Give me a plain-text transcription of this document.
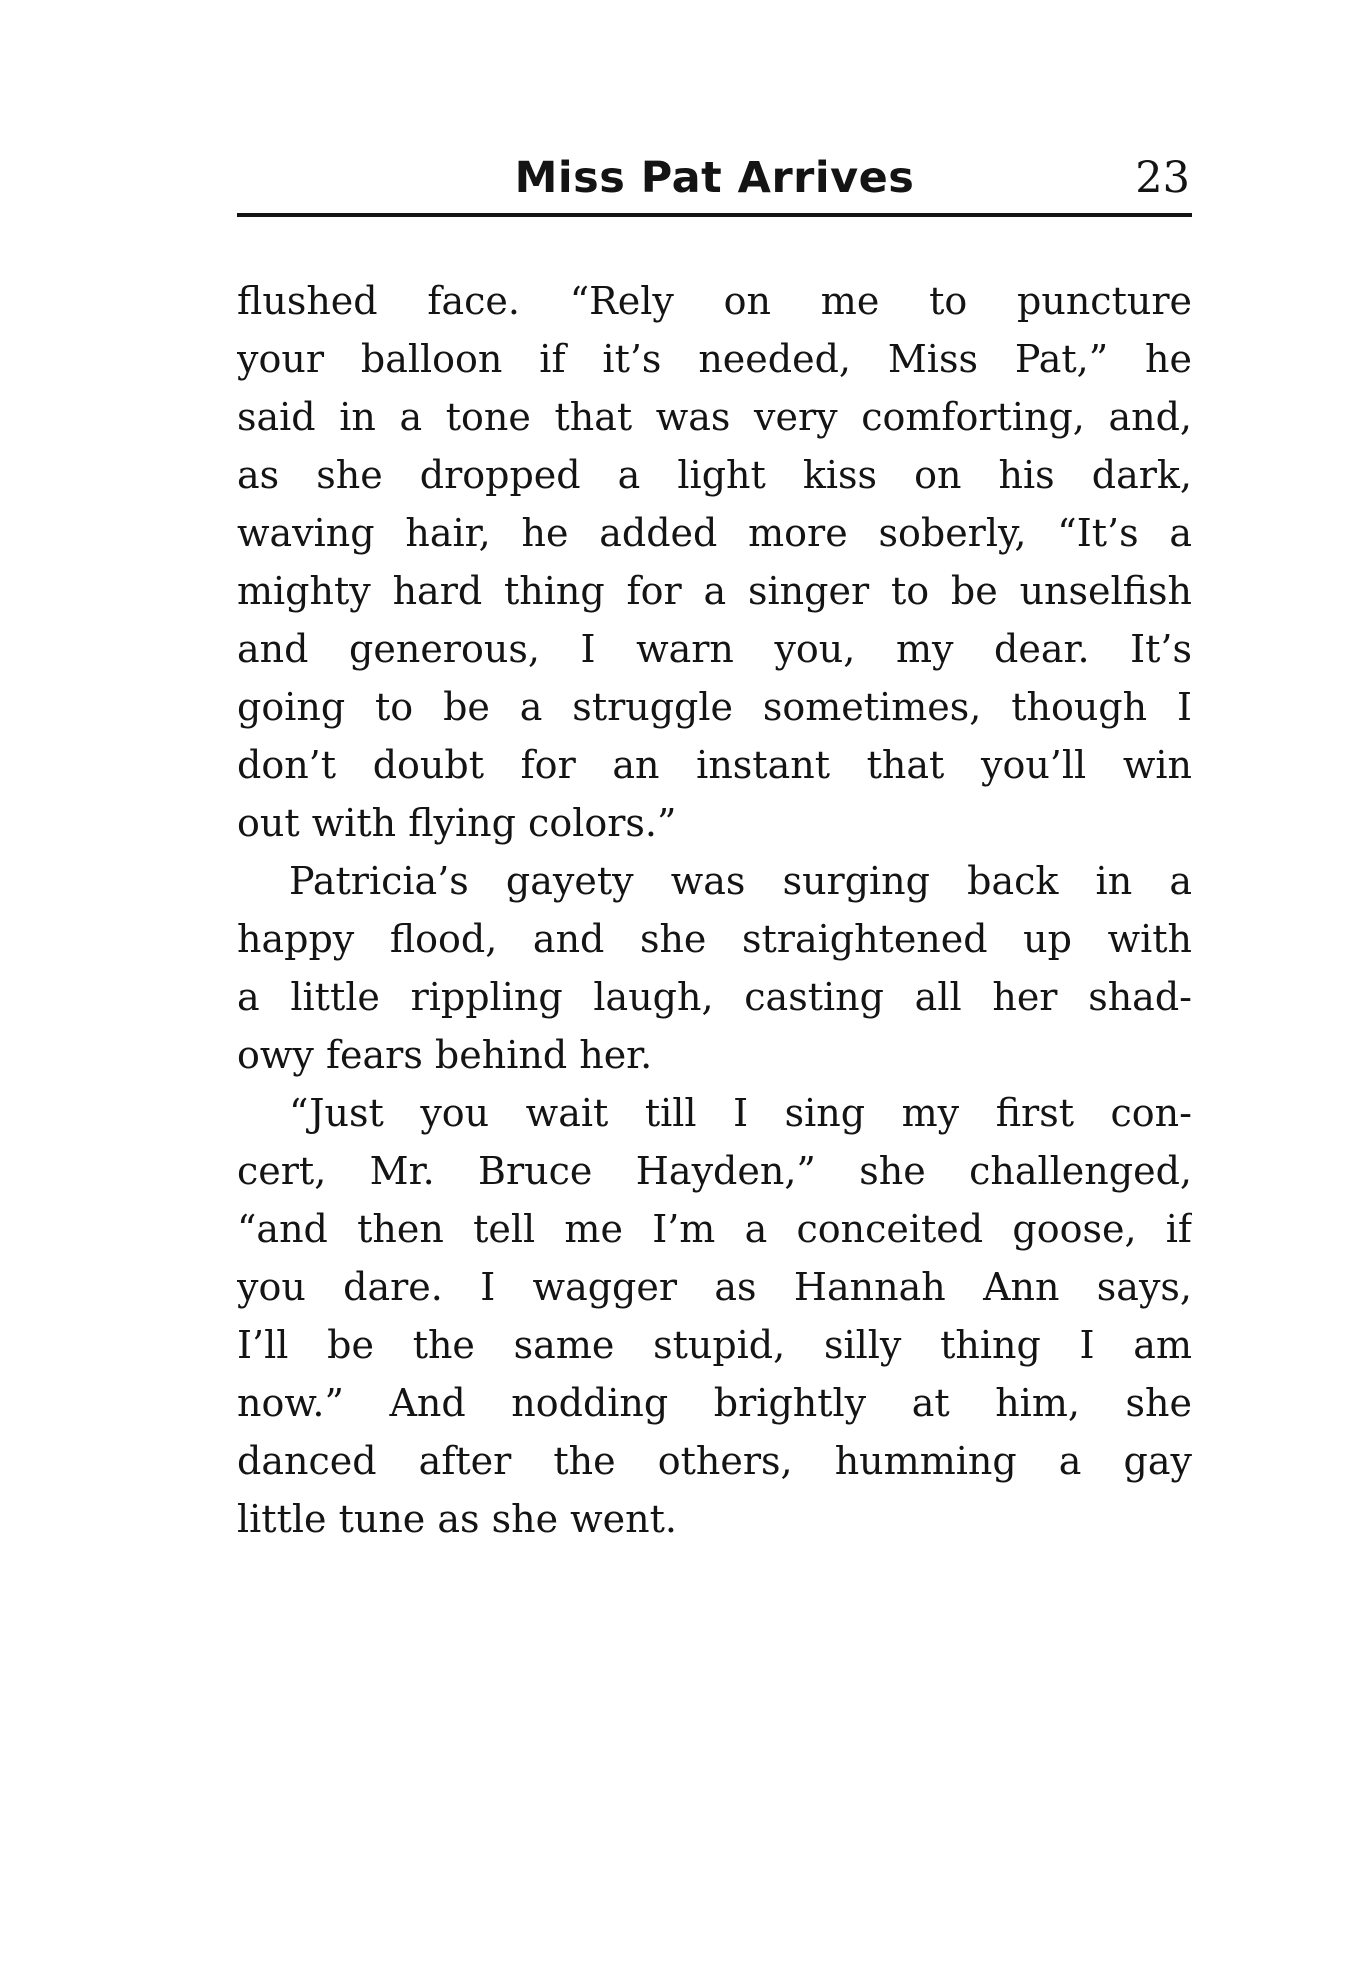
Miss Pat Arrives	23
flushed face. “Rely on me to puncture
your balloon if it’s needed, Miss Pat,” he
said in a tone that was very comforting, and,
as she dropped a light kiss on his dark,
waving hair, he added more soberly, “It’s a
mighty hard thing for a singer to be unselfish
and generous, I warn you, my dear. It’s
going to be a struggle sometimes, though I
don’t doubt for an instant that you’ll win
out with flying colors.”
Patricia’s gayety was surging back in a
happy flood, and she straightened up with
a little rippling laugh, casting all her shad-
owy fears behind her.
“Just you wait till I sing my first con-
cert, Mr. Bruce Hayden,” she challenged,
“and then tell me I’m a conceited goose, if
you dare. I wagger as Hannah Ann says,
I’ll be the same stupid, silly thing I am
now.” And nodding brightly at him, she
danced after the others, humming a gay
little tune as she went.
